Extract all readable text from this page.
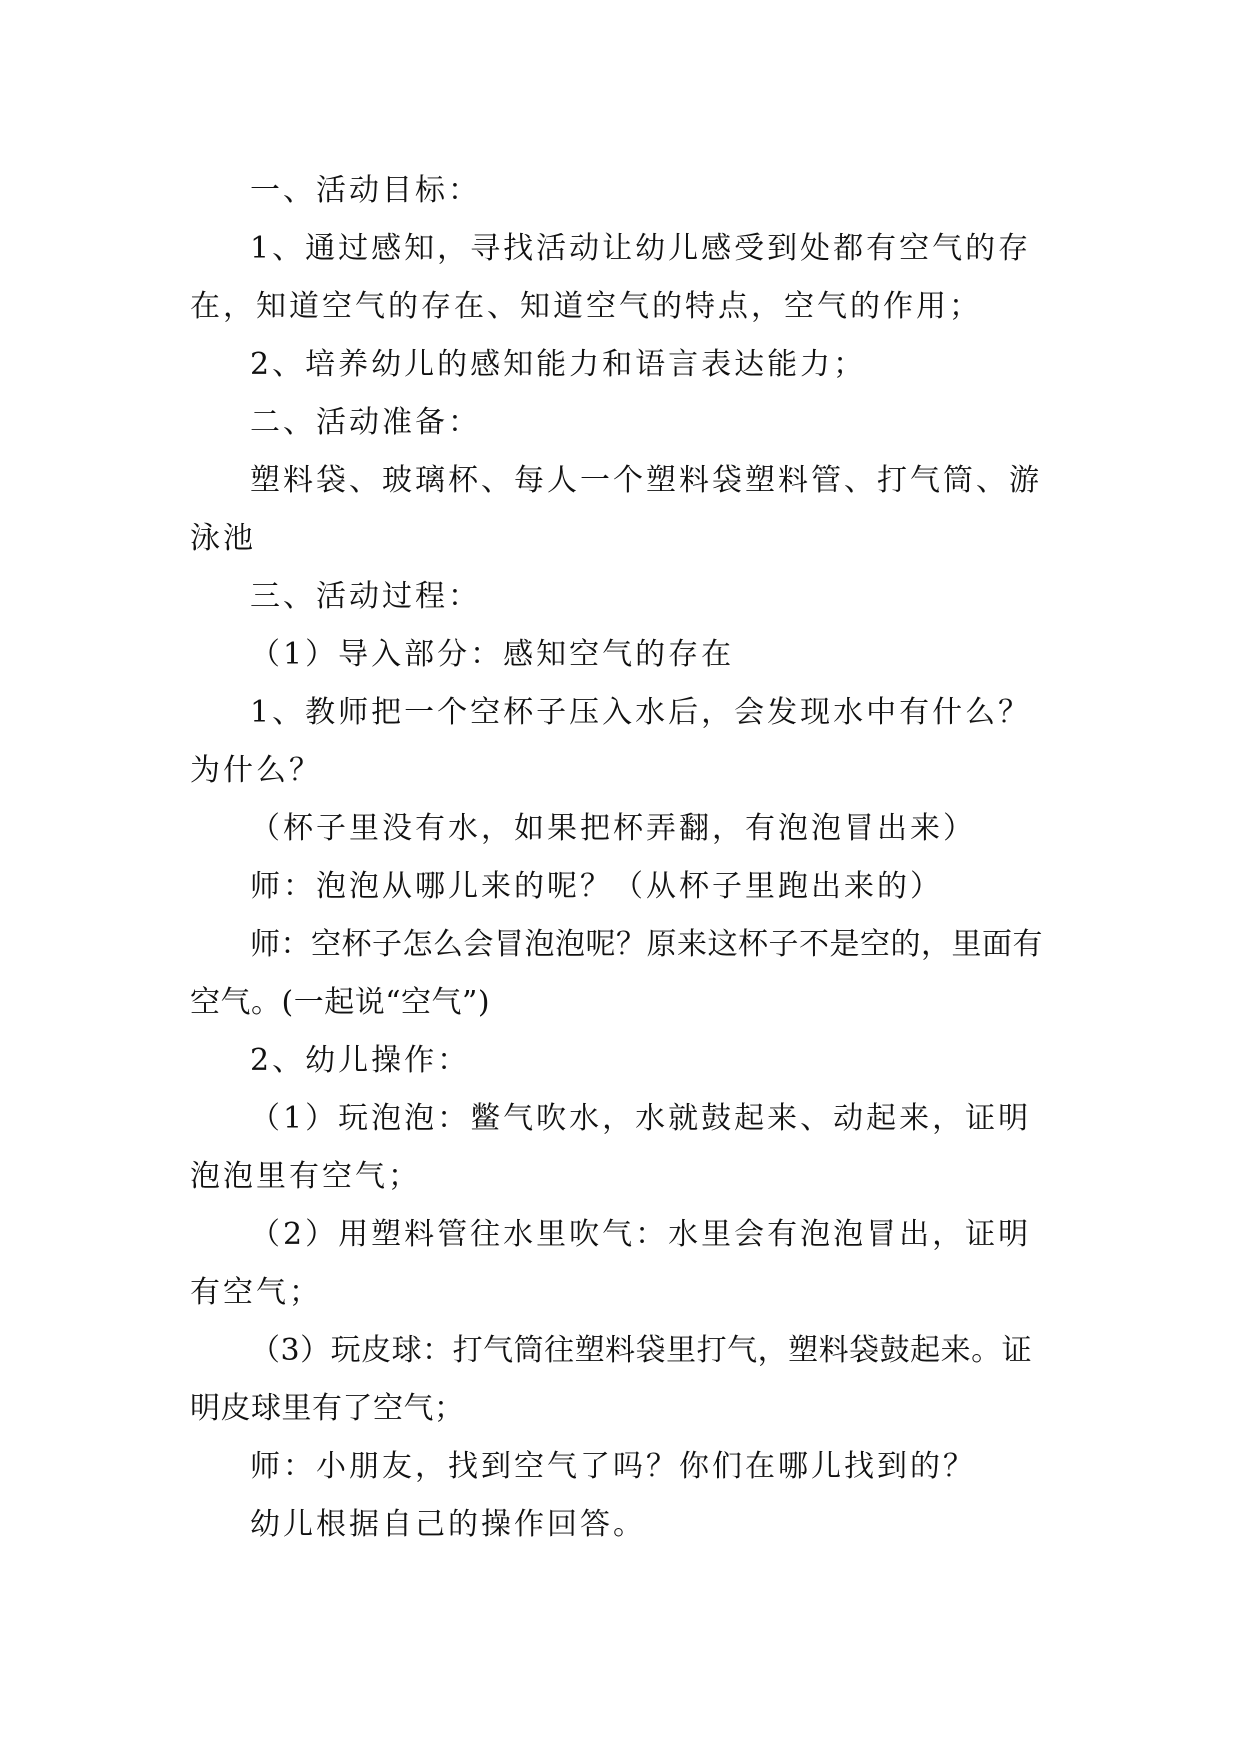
一、活动目标：

1、通过感知，寻找活动让幼儿感受到处都有空气的存在，知道空气的存在、知道空气的特点，空气的作用；

2、培养幼儿的感知能力和语言表达能力；

二、活动准备：

塑料袋、玻璃杯、每人一个塑料袋塑料管、打气筒、游泳池

三、活动过程：

（1）导入部分：感知空气的存在

1、教师把一个空杯子压入水后，会发现水中有什么？为什么？

（杯子里没有水，如果把杯弄翻，有泡泡冒出来）

师：泡泡从哪儿来的呢？（从杯子里跑出来的）

师：空杯子怎么会冒泡泡呢？原来这杯子不是空的，里面有空气。(一起说“空气”)

2、幼儿操作：

（1）玩泡泡：鳖气吹水，水就鼓起来、动起来，证明泡泡里有空气；

（2）用塑料管往水里吹气：水里会有泡泡冒出，证明有空气；

（3）玩皮球：打气筒往塑料袋里打气，塑料袋鼓起来。证明皮球里有了空气；

师：小朋友，找到空气了吗？你们在哪儿找到的？

幼儿根据自己的操作回答。
